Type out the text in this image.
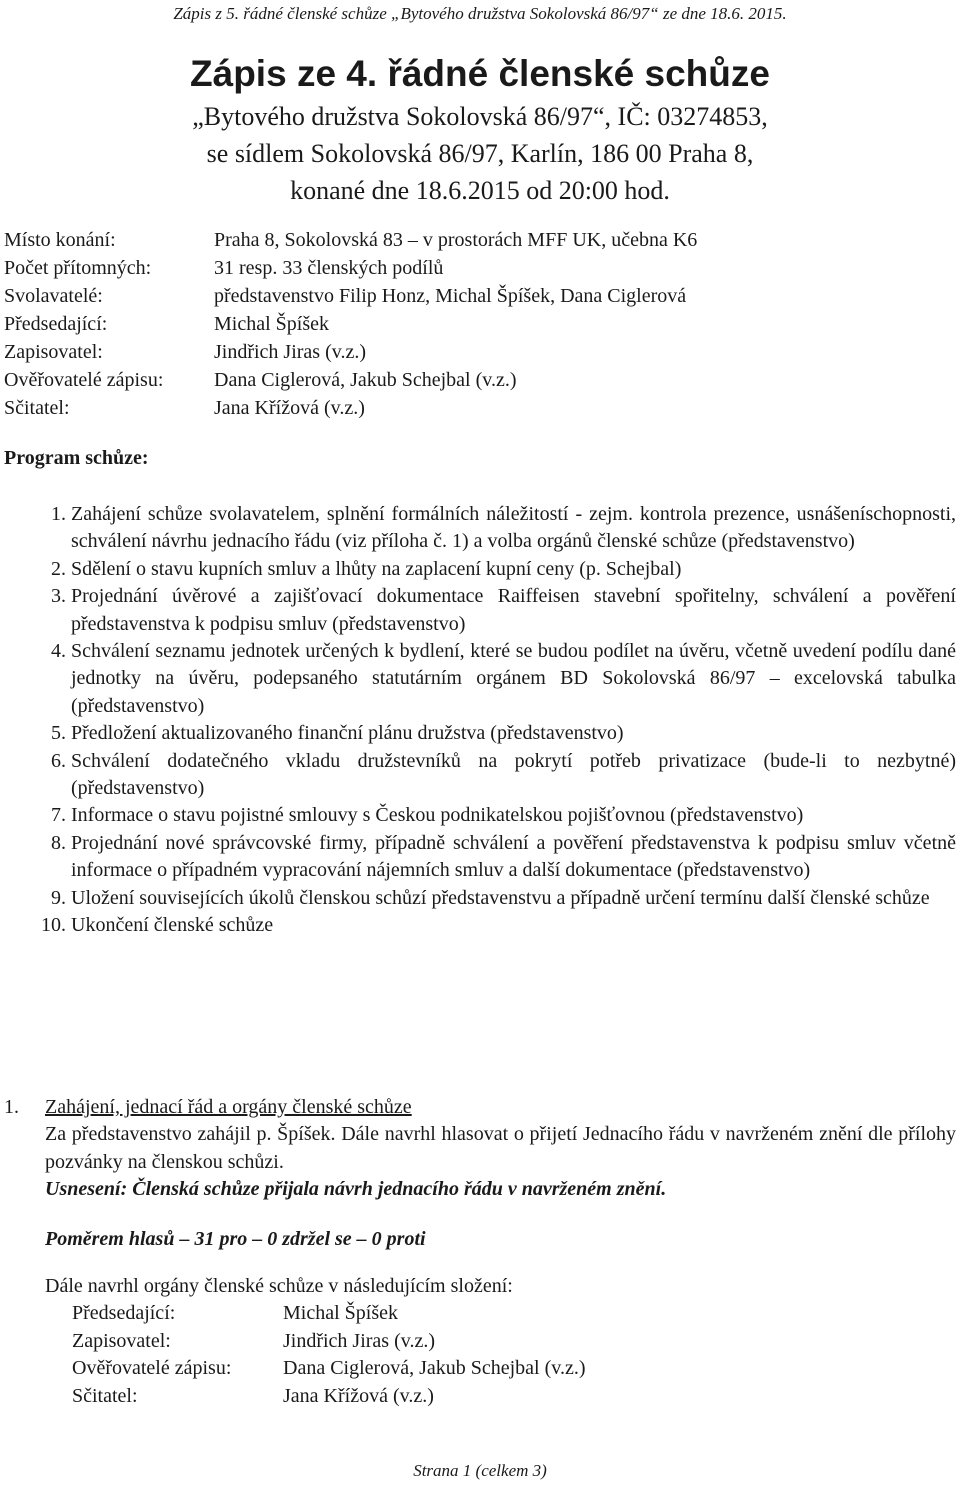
Zápis z 5. řádné členské schůze „Bytového družstva Sokolovská 86/97“ ze dne 18.6. 2015.
Zápis ze 4. řádné členské schůze
„Bytového družstva Sokolovská 86/97“, IČ: 03274853,
se sídlem Sokolovská 86/97, Karlín, 186 00 Praha 8,
konané dne 18.6.2015 od 20:00 hod.
Místo konání:	Praha 8, Sokolovská 83 – v prostorách MFF UK, učebna K6
Počet přítomných:	31 resp. 33 členských podílů
Svolavatelé:	představenstvo Filip Honz, Michal Špíšek, Dana Ciglerová
Předsedající:	Michal Špíšek
Zapisovatel:	Jindřich Jiras (v.z.)
Ověřovatelé zápisu:	Dana Ciglerová, Jakub Schejbal (v.z.)
Sčitatel:	Jana Křížová (v.z.)
Program schůze:
1. Zahájení schůze svolavatelem, splnění formálních náležitostí - zejm. kontrola prezence, usnášeníschopnosti, schválení návrhu jednacího řádu (viz příloha č. 1) a volba orgánů členské schůze (představenstvo)
2. Sdělení o stavu kupních smluv a lhůty na zaplacení kupní ceny (p. Schejbal)
3. Projednání úvěrové a zajišťovací dokumentace Raiffeisen stavební spořitelny, schválení a pověření představenstva k podpisu smluv (představenstvo)
4. Schválení seznamu jednotek určených k bydlení, které se budou podílet na úvěru, včetně uvedení podílu dané jednotky na úvěru, podepsaného statutárním orgánem BD Sokolovská 86/97 – excelovská tabulka (představenstvo)
5. Předložení aktualizovaného finanční plánu družstva (představenstvo)
6. Schválení dodatečného vkladu družstevníků na pokrytí potřeb privatizace (bude-li to nezbytné) (představenstvo)
7. Informace o stavu pojistné smlouvy s Českou podnikatelskou pojišťovnou (představenstvo)
8. Projednání nové správcovské firmy, případně schválení a pověření představenstva k podpisu smluv včetně informace o případném vypracování nájemních smluv a další dokumentace (představenstvo)
9. Uložení souvisejících úkolů členskou schůzí představenstvu a případně určení termínu další členské schůze
10. Ukončení členské schůze
1.	Zahájení, jednací řád a orgány členské schůze
Za představenstvo zahájil p. Špíšek. Dále navrhl hlasovat o přijetí Jednacího řádu v navrženém znění dle přílohy pozvánky na členskou schůzi.
Usnesení: Členská schůze přijala návrh jednacího řádu v navrženém znění.
Poměrem hlasů – 31 pro – 0 zdržel se – 0 proti
Dále navrhl orgány členské schůze v následujícím složení:
Předsedající:	Michal Špíšek
Zapisovatel:	Jindřich Jiras (v.z.)
Ověřovatelé zápisu:	Dana Ciglerová, Jakub Schejbal (v.z.)
Sčitatel:	Jana Křížová (v.z.)
Strana 1 (celkem 3)
